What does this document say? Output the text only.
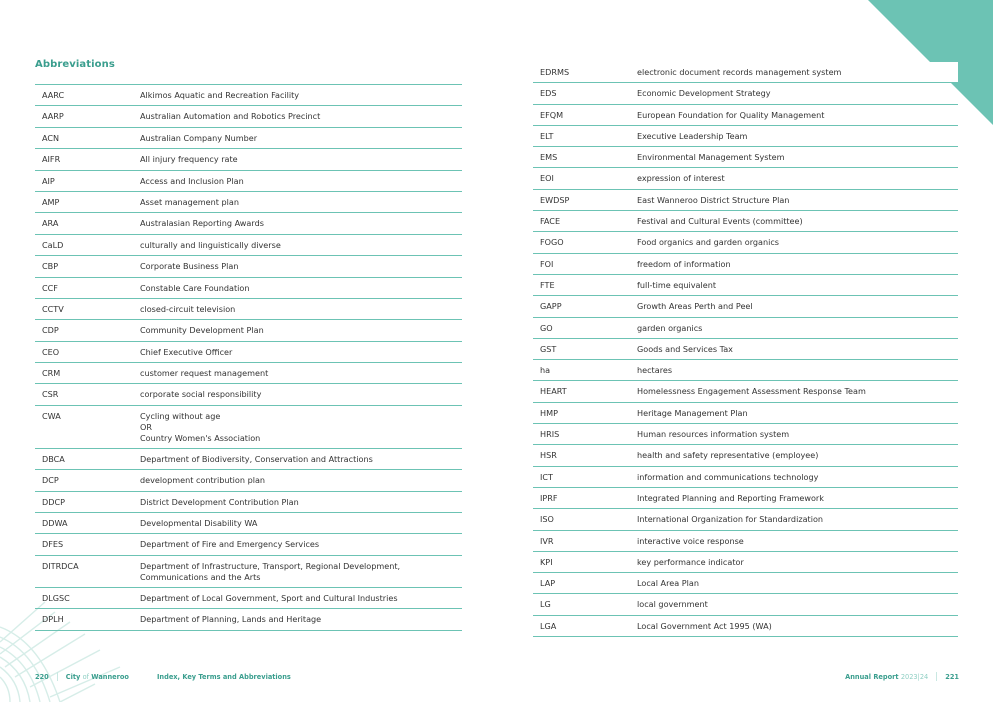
Abbreviations
AARC	Alkimos Aquatic and Recreation Facility
AARP	Australian Automation and Robotics Precinct
ACN	Australian Company Number
AIFR	All injury frequency rate
AIP	Access and Inclusion Plan
AMP	Asset management plan
ARA	Australasian Reporting Awards
CaLD	culturally and linguistically diverse
CBP	Corporate Business Plan
CCF	Constable Care Foundation
CCTV	closed-circuit television
CDP	Community Development Plan
CEO	Chief Executive Officer
CRM	customer request management
CSR	corporate social responsibility
CWA	Cycling without age
OR
Country Women's Association
DBCA	Department of Biodiversity, Conservation and Attractions
DCP	development contribution plan
DDCP	District Development Contribution Plan
DDWA	Developmental Disability WA
DFES	Department of Fire and Emergency Services
DITRDCA	Department of Infrastructure, Transport, Regional Development, Communications and the Arts
DLGSC	Department of Local Government, Sport and Cultural Industries
DPLH	Department of Planning, Lands and Heritage
EDRMS	electronic document records management system
EDS	Economic Development Strategy
EFQM	European Foundation for Quality Management
ELT	Executive Leadership Team
EMS	Environmental Management System
EOI	expression of interest
EWDSP	East Wanneroo District Structure Plan
FACE	Festival and Cultural Events (committee)
FOGO	Food organics and garden organics
FOI	freedom of information
FTE	full-time equivalent
GAPP	Growth Areas Perth and Peel
GO	garden organics
GST	Goods and Services Tax
ha	hectares
HEART	Homelessness Engagement Assessment Response Team
HMP	Heritage Management Plan
HRIS	Human resources information system
HSR	health and safety representative (employee)
ICT	information and communications technology
IPRF	Integrated Planning and Reporting Framework
ISO	International Organization for Standardization
IVR	interactive voice response
KPI	key performance indicator
LAP	Local Area Plan
LG	local government
LGA	Local Government Act 1995 (WA)
220	City of Wanneroo	Index, Key Terms and Abbreviations	Annual Report
2023|24	221
